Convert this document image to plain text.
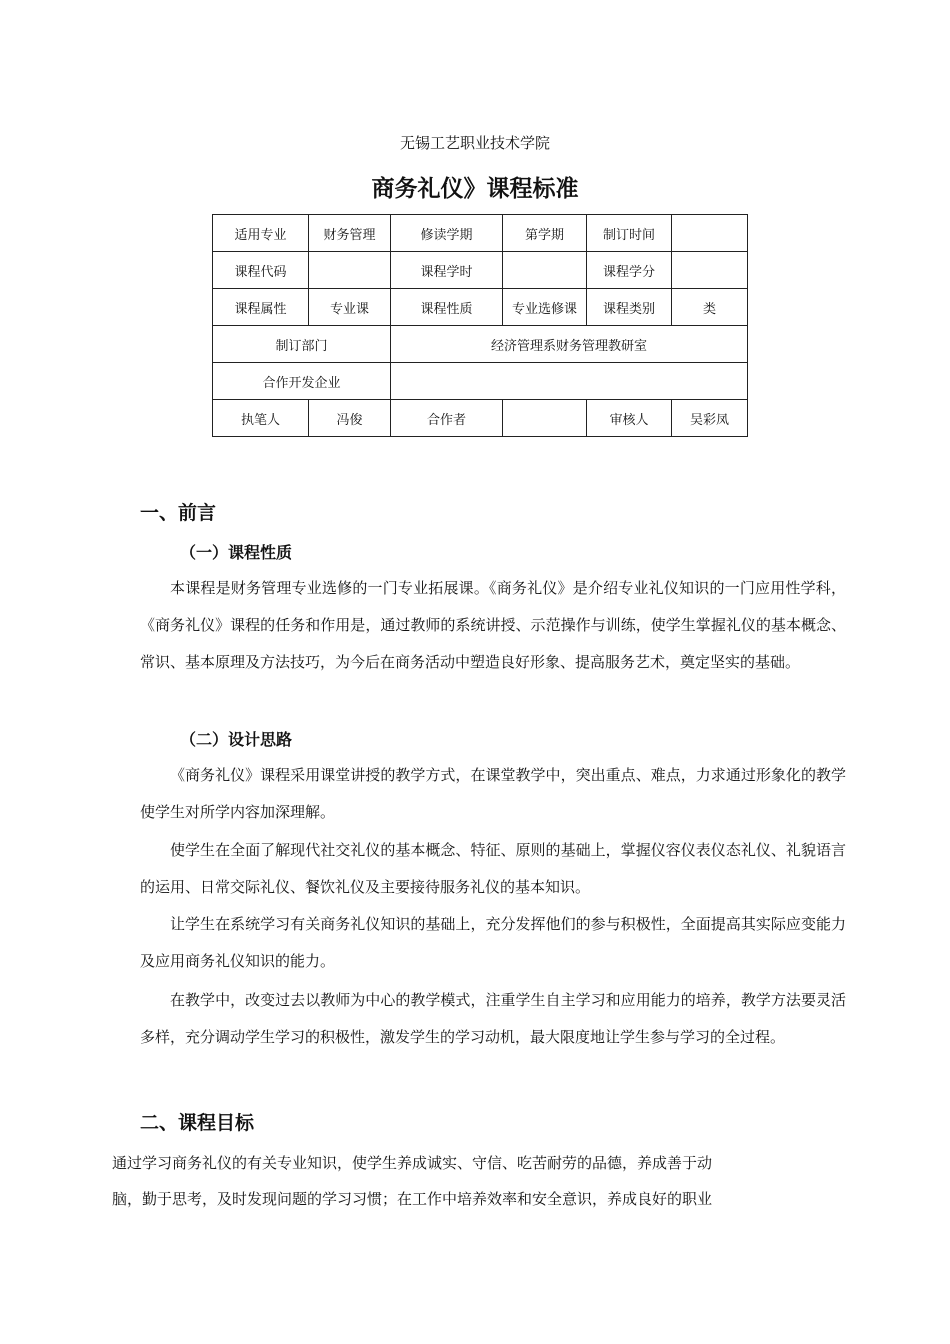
无锡工艺职业技术学院
商务礼仪》课程标准
适用专业	财务管理	修读学期	第学期	制订时间	
课程代码		课程学时		课程学分	
课程属性	专业课	课程性质	专业选修课	课程类别	类
制订部门		经济管理系财务管理教研室			
合作开发企业					
执笔人	冯俊	合作者		审核人	吴彩凤
一、前言
（一）课程性质
本课程是财务管理专业选修的一门专业拓展课。《商务礼仪》是介绍专业礼仪知识的一门应用性学科，《商务礼仪》课程的任务和作用是，通过教师的系统讲授、示范操作与训练，使学生掌握礼仪的基本概念、常识、基本原理及方法技巧，为今后在商务活动中塑造良好形象、提高服务艺术，奠定坚实的基础。
（二）设计思路
《商务礼仪》课程采用课堂讲授的教学方式，在课堂教学中，突出重点、难点，力求通过形象化的教学使学生对所学内容加深理解。
使学生在全面了解现代社交礼仪的基本概念、特征、原则的基础上，掌握仪容仪表仪态礼仪、礼貌语言的运用、日常交际礼仪、餐饮礼仪及主要接待服务礼仪的基本知识。
让学生在系统学习有关商务礼仪知识的基础上，充分发挥他们的参与积极性，全面提高其实际应变能力及应用商务礼仪知识的能力。
在教学中，改变过去以教师为中心的教学模式，注重学生自主学习和应用能力的培养，教学方法要灵活多样，充分调动学生学习的积极性，激发学生的学习动机，最大限度地让学生参与学习的全过程。
二、课程目标
通过学习商务礼仪的有关专业知识，使学生养成诚实、守信、吃苦耐劳的品德，养成善于动
脑，勤于思考，及时发现问题的学习习惯；在工作中培养效率和安全意识，养成良好的职业
